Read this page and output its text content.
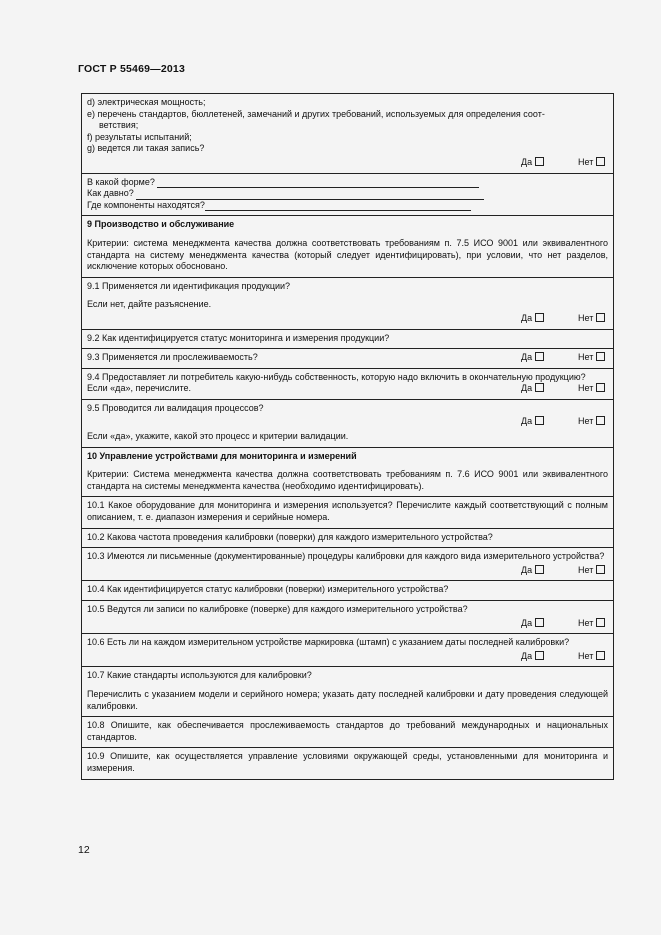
ГОСТ Р 55469—2013
d) электрическая мощность;
e) перечень стандартов, бюллетеней, замечаний и других требований, используемых для определения соот-
ветствия;
f) результаты испытаний;
g) ведется ли такая запись?
Да	Нет
В какой форме?
Как давно?
Где компоненты находятся?
9 Производство и обслуживание
Критерии: система менеджмента качества должна соответствовать требованиям п. 7.5 ИСО 9001 или эквивалентного стандарта на систему менеджмента качества (который следует идентифицировать), при условии, что нет разделов, исключение которых обосновано.
9.1 Применяется ли идентификация продукции?
Если нет, дайте разъяснение.
Да	Нет
9.2 Как идентифицируется статус мониторинга и измерения продукции?
9.3 Применяется ли прослеживаемость?	Да	Нет
9.4 Предоставляет ли потребитель какую-нибудь собственность, которую надо включить в окончательную продукцию?
Если «да», перечислите.	Да	Нет
9.5 Проводится ли валидация процессов?
Да	Нет
Если «да», укажите, какой это процесс и критерии валидации.
10 Управление устройствами для мониторинга и измерений
Критерии: Система менеджмента качества должна соответствовать требованиям п. 7.6 ИСО 9001 или эквивалентного стандарта на системы менеджмента качества (необходимо идентифицировать).
10.1 Какое оборудование для мониторинга и измерения используется? Перечислите каждый соответствующий с полным описанием, т. е. диапазон измерения и серийные номера.
10.2 Какова частота проведения калибровки (поверки) для каждого измерительного устройства?
10.3 Имеются ли письменные (документированные) процедуры калибровки для каждого вида измерительного устройства?
Да	Нет
10.4 Как идентифицируется статус калибровки (поверки) измерительного устройства?
10.5 Ведутся ли записи по калибровке (поверке) для каждого измерительного устройства?
Да	Нет
10.6 Есть ли на каждом измерительном устройстве маркировка (штамп) с указанием даты последней калибровки?
Да	Нет
10.7 Какие стандарты используются для калибровки?
Перечислить с указанием модели и серийного номера; указать дату последней калибровки и дату проведения следующей калибровки.
10.8 Опишите, как обеспечивается прослеживаемость стандартов до требований международных и национальных стандартов.
10.9 Опишите, как осуществляется управление условиями окружающей среды, установленными для мониторинга и измерения.
12
